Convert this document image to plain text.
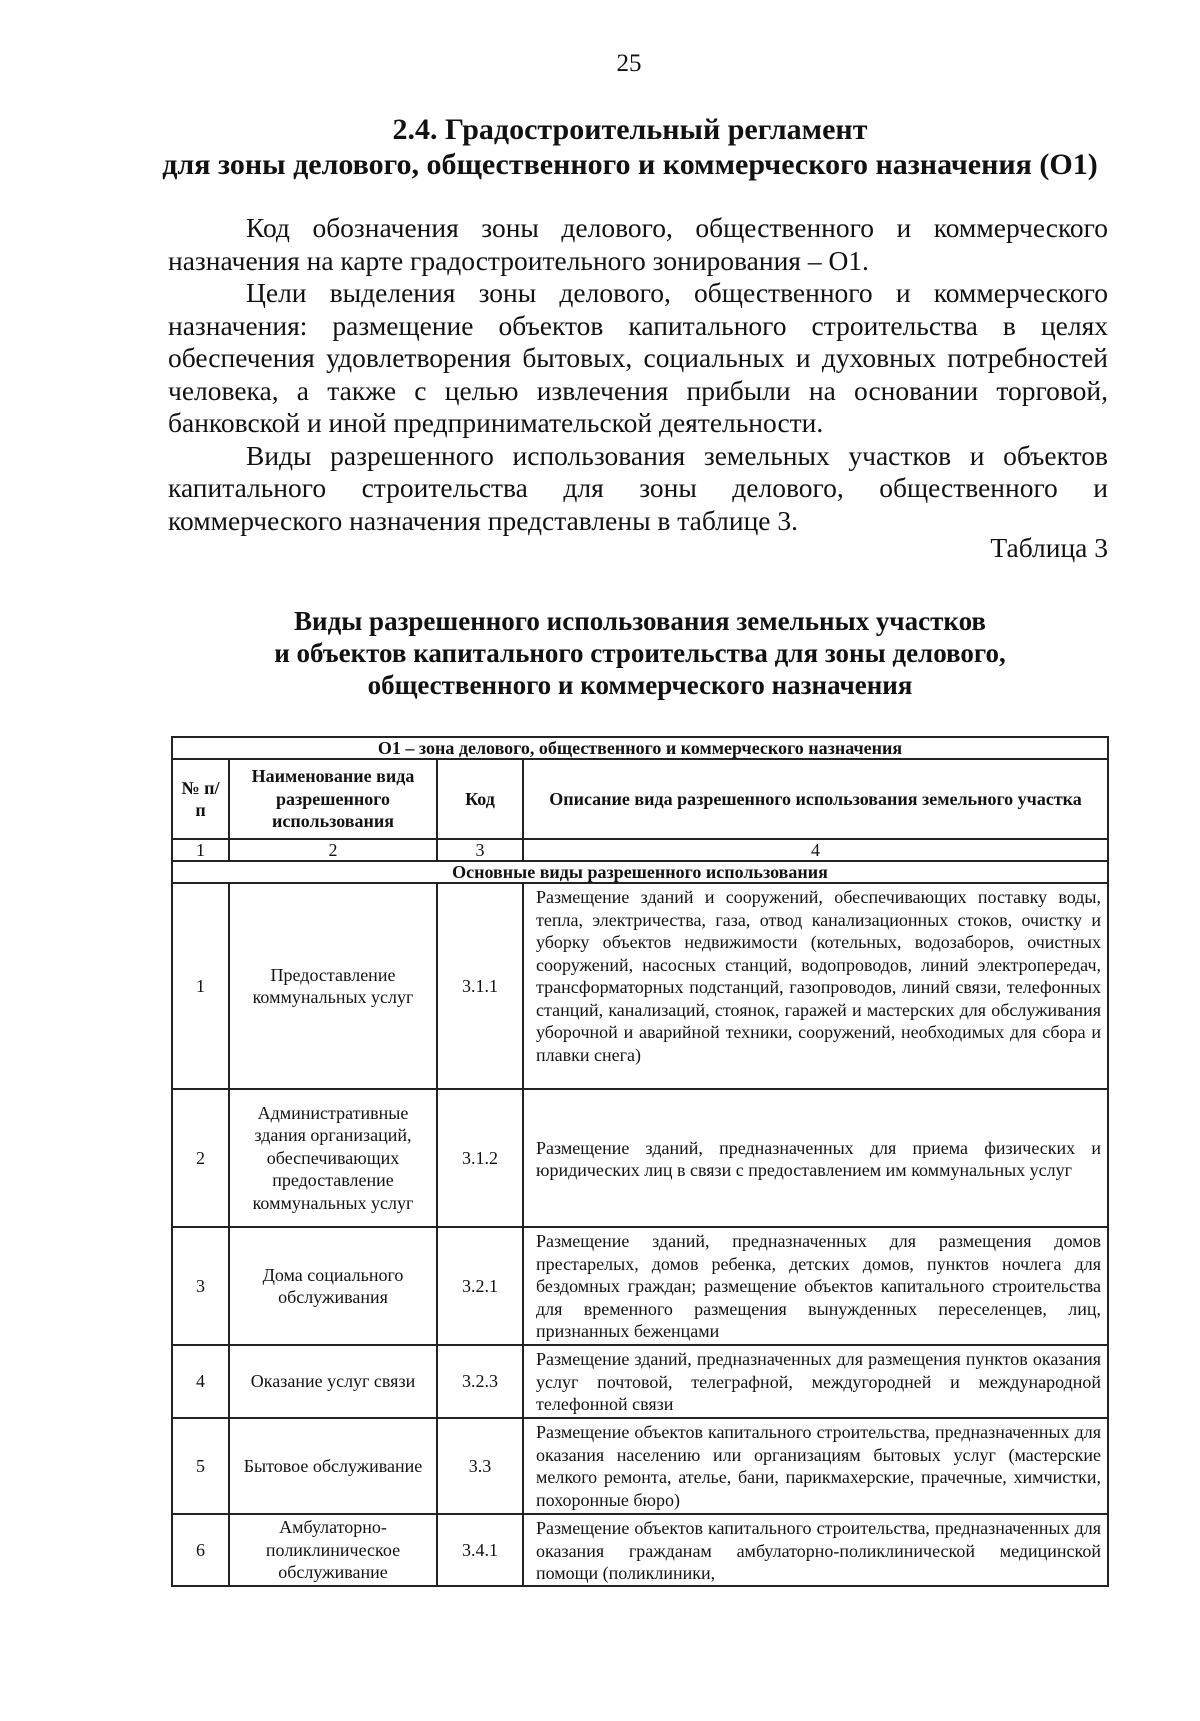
25
2.4. Градостроительный регламент
для зоны делового, общественного и коммерческого назначения (О1)

Код обозначения зоны делового, общественного и коммерческого назначения на карте градостроительного зонирования – О1.

Цели выделения зоны делового, общественного и коммерческого назначения: размещение объектов капитального строительства в целях обеспечения удовлетворения бытовых, социальных и духовных потребностей человека, а также с целью извлечения прибыли на основании торговой, банковской и иной предпринимательской деятельности.

Виды разрешенного использования земельных участков и объектов капитального строительства для зоны делового, общественного и коммерческого назначения представлены в таблице 3.

Таблица 3
Виды разрешенного использования земельных участков
и объектов капитального строительства для зоны делового,
общественного и коммерческого назначения
О1 – зона делового, общественного и коммерческого назначения			
№ п/п	Наименование вида разрешенного использования	Код	Описание вида разрешенного использования земельного участка
1	2	3	4
Основные виды разрешенного использования			
1	Предоставление коммунальных услуг	3.1.1	Размещение зданий и сооружений, обеспечивающих поставку воды, тепла, электричества, газа, отвод канализационных стоков, очистку и уборку объектов недвижимости (котельных, водозаборов, очистных сооружений, насосных станций, водопроводов, линий электропередач, трансформаторных подстанций, газопроводов, линий связи, телефонных станций, канализаций, стоянок, гаражей и мастерских для обслуживания уборочной и аварийной техники, сооружений, необходимых для сбора и плавки снега)
2	Административные здания организаций, обеспечивающих предоставление коммунальных услуг	3.1.2	Размещение зданий, предназначенных для приема физических и юридических лиц в связи с предоставлением им коммунальных услуг
3	Дома социального обслуживания	3.2.1	Размещение зданий, предназначенных для размещения домов престарелых, домов ребенка, детских домов, пунктов ночлега для бездомных граждан; размещение объектов капитального строительства для временного размещения вынужденных переселенцев, лиц, признанных беженцами
4	Оказание услуг связи	3.2.3	Размещение зданий, предназначенных для размещения пунктов оказания услуг почтовой, телеграфной, междугородней и международной телефонной связи
5	Бытовое обслуживание	3.3	Размещение объектов капитального строительства, предназначенных для оказания населению или организациям бытовых услуг (мастерские мелкого ремонта, ателье, бани, парикмахерские, прачечные, химчистки, похоронные бюро)
6	Амбулаторно-поликлиническое обслуживание	3.4.1	Размещение объектов капитального строительства, предназначенных для оказания гражданам амбулаторно-поликлинической медицинской помощи (поликлиники,
